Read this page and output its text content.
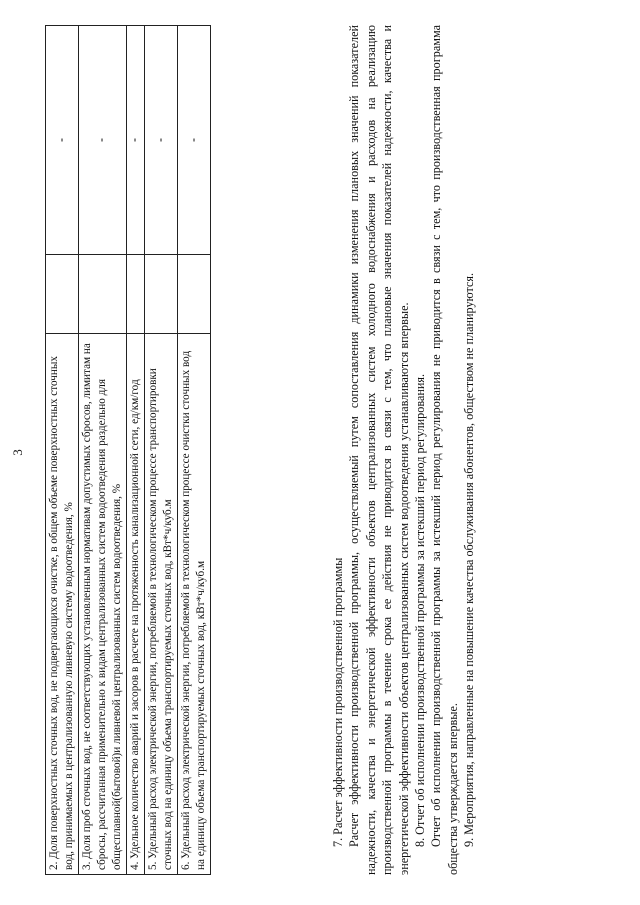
3 2. Доля поверхностных сточных вод, не подвергающихся очистке, в общем объеме поверхностных сточных вод, принимаемых в централизованную ливневую систему водоотведения, %		-
3. Доля проб сточных вод, не соответствующих установленным нормативам допустимых сбросов, лимитам на сбросы, рассчитанная применительно к видам централизованных систем водоотведения раздельно для общесплавной(бытовой)и ливневой централизованных систем водоотведения, %		-
4. Удельное количество аварий и засоров в расчете на протяженность канализационной сети, ед/км/год		-
5. Удельный расход электрической энергии, потребляемой в технологическом процессе транспортировки сточных вод на единицу объема транспортируемых сточных вод, кВт*ч/куб.м		-
6. Удельный расход электрической энергии, потребляемой в технологическом процессе очистки сточных вод на единицу объема транспортируемых сточных вод, кВт*ч/куб.м		-

7. Расчет эффективности производственной программы Расчет эффективности производственной программы, осуществляемый путем сопоставления динамики изменения плановых значений показателей надежности, качества и энергетической эффективности объектов централизованных систем холодного водоснабжения и расходов на реализацию производственной программы в течение срока ее действия не приводится в связи с тем, что плановые значения показателей надежности, качества и энергетической эффективности объектов централизованных систем водоотведения устанавливаются впервые. 8. Отчет об исполнении производственной программы за истекший период регулирования. Отчет об исполнении производственной программы за истекший период регулирования не приводится в связи с тем, что производственная программа общества утверждается впервые. 9. Мероприятия, направленные на повышение качества обслуживания абонентов, обществом не планируются.
